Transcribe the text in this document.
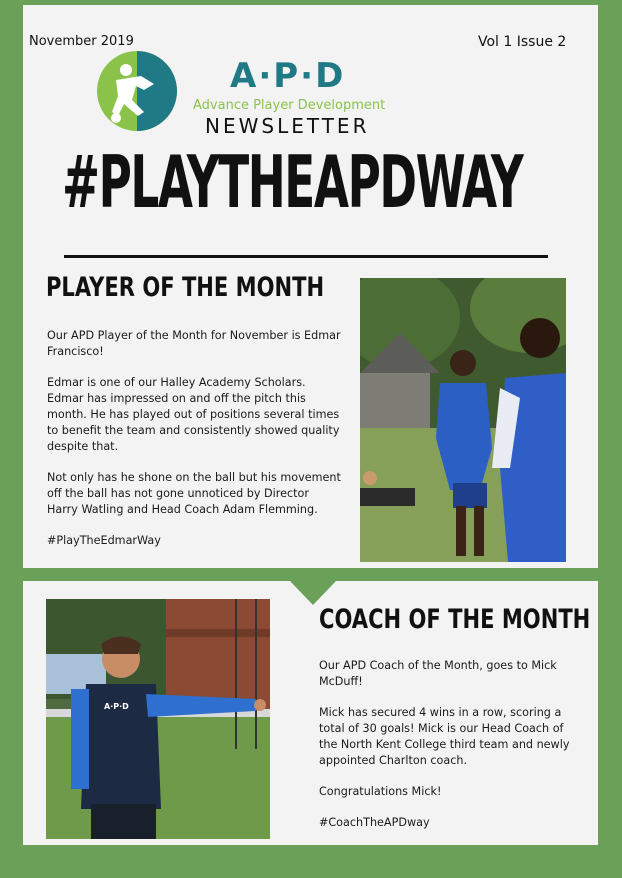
November 2019	Vol 1 Issue 2
A·P·D
Advance Player Development
NEWSLETTER
#PLAYTHEAPDWAY
PLAYER OF THE MONTH

Our APD Player of the Month for November is Edmar Francisco!

Edmar is one of our Halley Academy Scholars. Edmar has impressed on and off the pitch this month. He has played out of positions several times to benefit the team and consistently showed quality despite that.

Not only has he shone on the ball but his movement off the ball has not gone unnoticed by Director Harry Watling and Head Coach Adam Flemming.

#PlayTheEdmarWay

A·P·D
COACH OF THE MONTH

Our APD Coach of the Month, goes to Mick McDuff!

Mick has secured 4 wins in a row, scoring a total of 30 goals! Mick is our Head Coach of the North Kent College third team and newly appointed Charlton coach.

Congratulations Mick!

#CoachTheAPDway
